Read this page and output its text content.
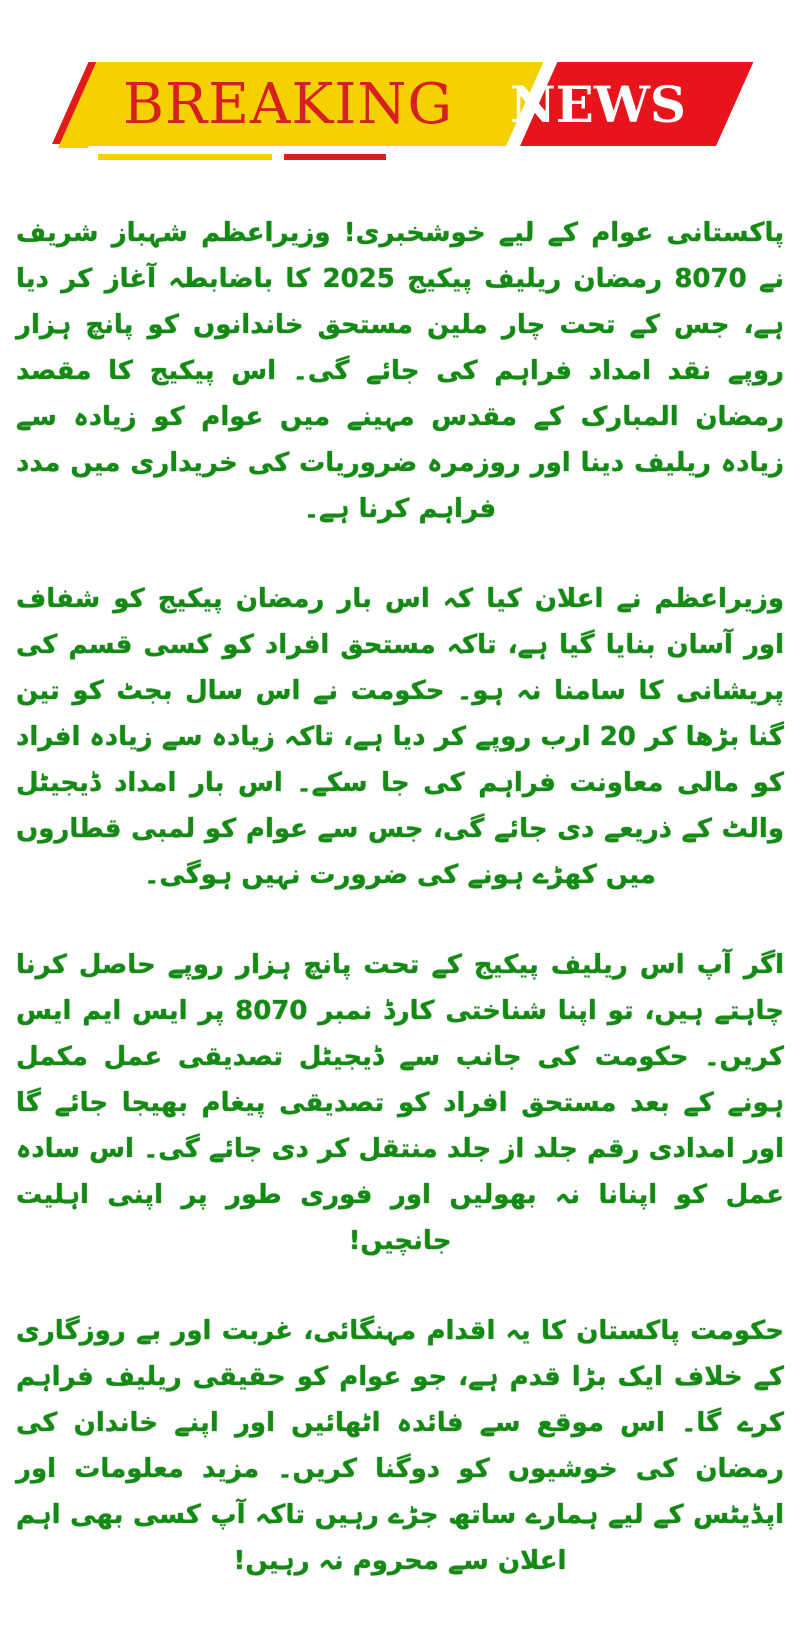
BREAKING	NEWS

پاکستانی عوام کے لیے خوشخبری! وزیراعظم شہباز شریف نے 8070 رمضان ریلیف پیکیج 2025 کا باضابطہ آغاز کر دیا ہے، جس کے تحت چار ملین مستحق خاندانوں کو پانچ ہزار روپے نقد امداد فراہم کی جائے گی۔ اس پیکیج کا مقصد رمضان المبارک کے مقدس مہینے میں عوام کو زیادہ سے زیادہ ریلیف دینا اور روزمرہ ضروریات کی خریداری میں مدد فراہم کرنا ہے۔

وزیراعظم نے اعلان کیا کہ اس بار رمضان پیکیج کو شفاف اور آسان بنایا گیا ہے، تاکہ مستحق افراد کو کسی قسم کی پریشانی کا سامنا نہ ہو۔ حکومت نے اس سال بجٹ کو تین گنا بڑھا کر 20 ارب روپے کر دیا ہے، تاکہ زیادہ سے زیادہ افراد کو مالی معاونت فراہم کی جا سکے۔ اس بار امداد ڈیجیٹل والٹ کے ذریعے دی جائے گی، جس سے عوام کو لمبی قطاروں میں کھڑے ہونے کی ضرورت نہیں ہوگی۔

اگر آپ اس ریلیف پیکیج کے تحت پانچ ہزار روپے حاصل کرنا چاہتے ہیں، تو اپنا شناختی کارڈ نمبر 8070 پر ایس ایم ایس کریں۔ حکومت کی جانب سے ڈیجیٹل تصدیقی عمل مکمل ہونے کے بعد مستحق افراد کو تصدیقی پیغام بھیجا جائے گا اور امدادی رقم جلد از جلد منتقل کر دی جائے گی۔ اس سادہ عمل کو اپنانا نہ بھولیں اور فوری طور پر اپنی اہلیت جانچیں!

حکومت پاکستان کا یہ اقدام مہنگائی، غربت اور بے روزگاری کے خلاف ایک بڑا قدم ہے، جو عوام کو حقیقی ریلیف فراہم کرے گا۔ اس موقع سے فائدہ اٹھائیں اور اپنے خاندان کی رمضان کی خوشیوں کو دوگنا کریں۔ مزید معلومات اور اپڈیٹس کے لیے ہمارے ساتھ جڑے رہیں تاکہ آپ کسی بھی اہم اعلان سے محروم نہ رہیں!
